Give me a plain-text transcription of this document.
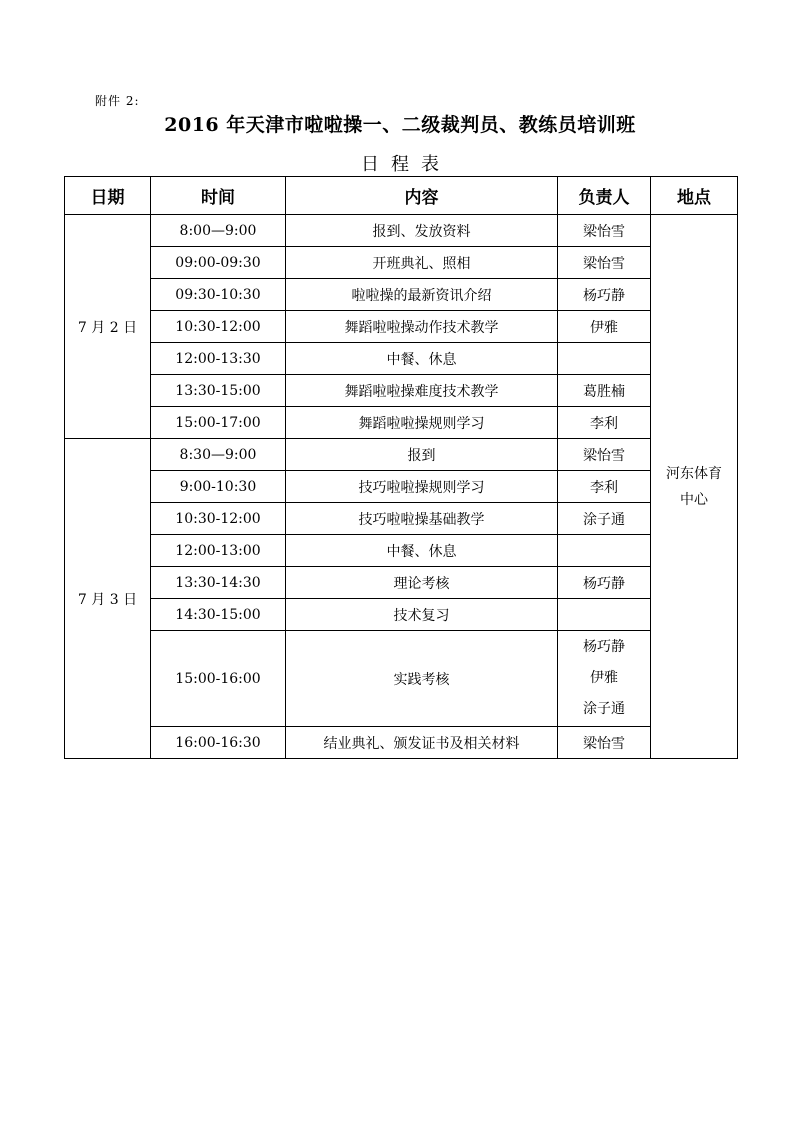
附件 2:
2016 年天津市啦啦操一、二级裁判员、教练员培训班
日程表
日期	时间	内容	负责人	地点
7 月 2 日	8:00—9:00	报到、发放资料	梁怡雪	河东体育
中心

	09:00-09:30	开班典礼、照相	梁怡雪	
	09:30-10:30	啦啦操的最新资讯介绍	杨巧静	
	10:30-12:00	舞蹈啦啦操动作技术教学	伊雅	
	12:00-13:30	中餐、休息		
	13:30-15:00	舞蹈啦啦操难度技术教学	葛胜楠	
	15:00-17:00	舞蹈啦啦操规则学习	李利	
7 月 3 日	8:30—9:00	报到	梁怡雪	
	9:00-10:30	技巧啦啦操规则学习	李利	
	10:30-12:00	技巧啦啦操基础教学	涂子通	
	12:00-13:00	中餐、休息		
	13:30-14:30	理论考核	杨巧静	
	14:30-15:00	技术复习		
	15:00-16:00	实践考核	杨巧静
伊雅
涂子通	

	16:00-16:30	结业典礼、颁发证书及相关材料	梁怡雪	
